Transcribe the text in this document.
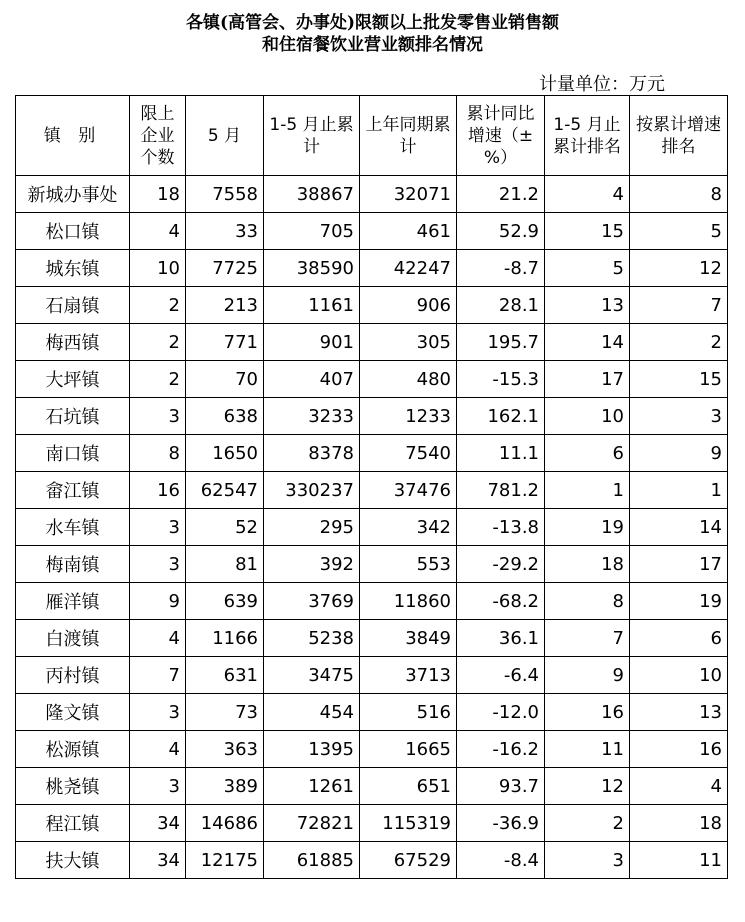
各镇(高管会、办事处)限额以上批发零售业销售额
和住宿餐饮业营业额排名情况
计量单位：万元
镇 别	限上企业个数	5 月	1-5 月止累计	上年同期累计	累计同比增速（±%）	1-5 月止累计排名	按累计增速排名
新城办事处	18	7558	38867	32071	21.2	4	8
松口镇	4	33	705	461	52.9	15	5
城东镇	10	7725	38590	42247	-8.7	5	12
石扇镇	2	213	1161	906	28.1	13	7
梅西镇	2	771	901	305	195.7	14	2
大坪镇	2	70	407	480	-15.3	17	15
石坑镇	3	638	3233	1233	162.1	10	3
南口镇	8	1650	8378	7540	11.1	6	9
畲江镇	16	62547	330237	37476	781.2	1	1
水车镇	3	52	295	342	-13.8	19	14
梅南镇	3	81	392	553	-29.2	18	17
雁洋镇	9	639	3769	11860	-68.2	8	19
白渡镇	4	1166	5238	3849	36.1	7	6
丙村镇	7	631	3475	3713	-6.4	9	10
隆文镇	3	73	454	516	-12.0	16	13
松源镇	4	363	1395	1665	-16.2	11	16
桃尧镇	3	389	1261	651	93.7	12	4
程江镇	34	14686	72821	115319	-36.9	2	18
扶大镇	34	12175	61885	67529	-8.4	3	11
